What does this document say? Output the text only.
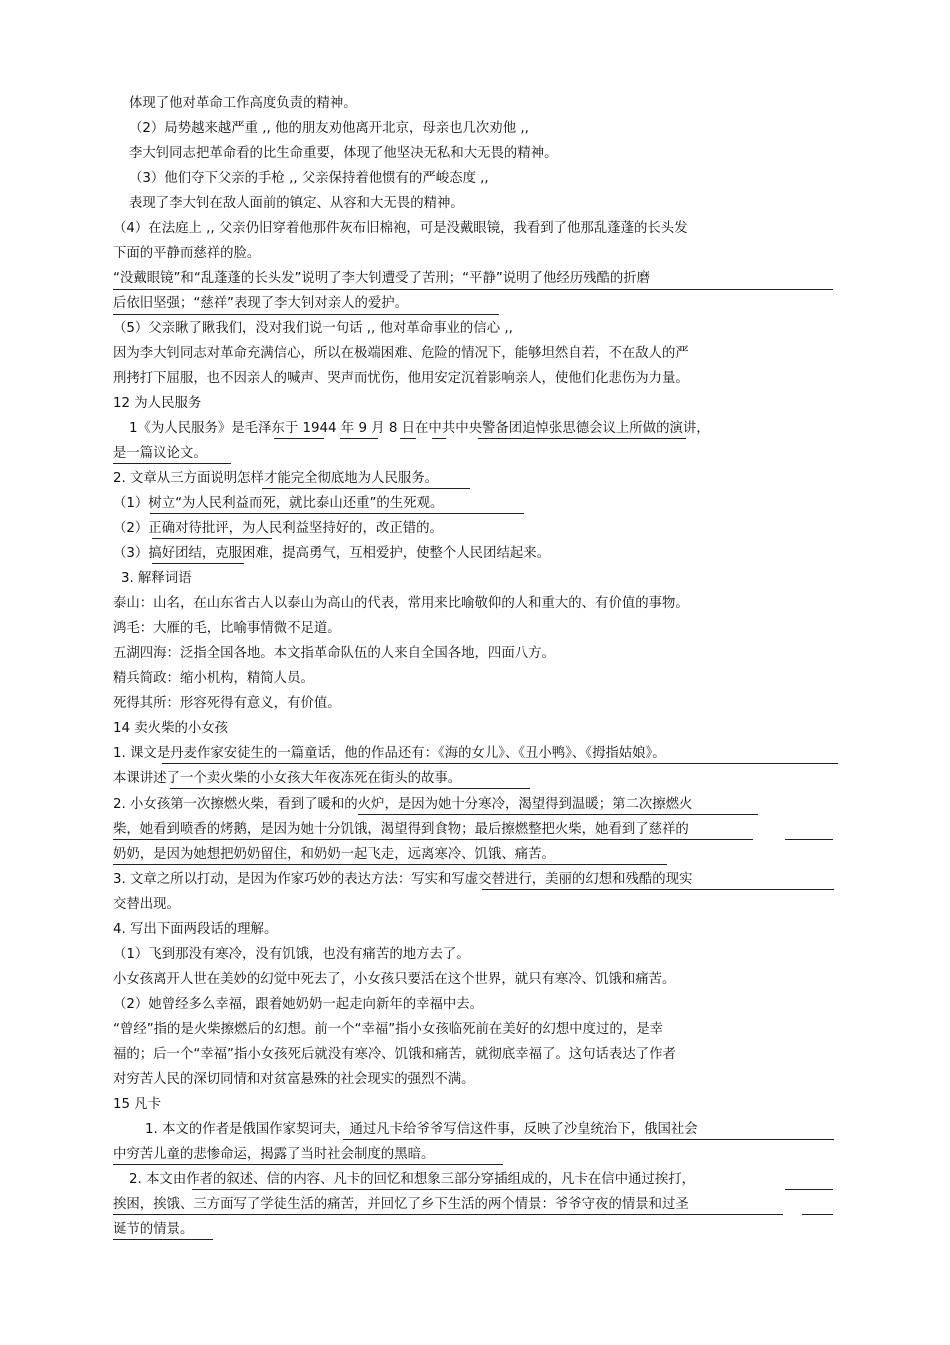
体现了他对革命工作高度负责的精神。
（2）局势越来越严重 ,, 他的朋友劝他离开北京，母亲也几次劝他 ,,
李大钊同志把革命看的比生命重要，体现了他坚决无私和大无畏的精神。
（3）他们夺下父亲的手枪 ,, 父亲保持着他惯有的严峻态度 ,,
表现了李大钊在敌人面前的镇定、从容和大无畏的精神。
（4）在法庭上 ,, 父亲仍旧穿着他那件灰布旧棉袍，可是没戴眼镜，我看到了他那乱蓬蓬的长头发
下面的平静而慈祥的脸。
“没戴眼镜”和“乱蓬蓬的长头发”说明了李大钊遭受了苦刑；“平静”说明了他经历残酷的折磨
后依旧坚强；“慈祥”表现了李大钊对亲人的爱护。
（5）父亲瞅了瞅我们，没对我们说一句话 ,, 他对革命事业的信心 ,,
因为李大钊同志对革命充满信心，所以在极端困难、危险的情况下，能够坦然自若，不在敌人的严
刑拷打下屈服，也不因亲人的喊声、哭声而忧伤，他用安定沉着影响亲人，使他们化悲伤为力量。
12 为人民服务
1《为人民服务》是毛泽东于 1944 年 9 月 8 日在中共中央警备团追悼张思德会议上所做的演讲，
是一篇议论文。
2. 文章从三方面说明怎样才能完全彻底地为人民服务。
（1）树立“为人民利益而死，就比泰山还重”的生死观。
（2）正确对待批评，为人民利益坚持好的，改正错的。
（3）搞好团结，克服困难，提高勇气，互相爱护，使整个人民团结起来。
3. 解释词语
泰山：山名，在山东省古人以泰山为高山的代表，常用来比喻敬仰的人和重大的、有价值的事物。
鸿毛：大雁的毛，比喻事情微不足道。
五湖四海：泛指全国各地。本文指革命队伍的人来自全国各地，四面八方。
精兵简政：缩小机构，精简人员。
死得其所：形容死得有意义，有价值。
14 卖火柴的小女孩
1. 课文是丹麦作家安徒生的一篇童话，他的作品还有：《海的女儿》、《丑小鸭》、《拇指姑娘》。
本课讲述了一个卖火柴的小女孩大年夜冻死在街头的故事。
2. 小女孩第一次擦燃火柴，看到了暖和的火炉，是因为她十分寒冷，渴望得到温暖；第二次擦燃火
柴，她看到喷香的烤鹅，是因为她十分饥饿，渴望得到食物；最后擦燃整把火柴，她看到了慈祥的
奶奶，是因为她想把奶奶留住，和奶奶一起飞走，远离寒冷、饥饿、痛苦。
3. 文章之所以打动，是因为作家巧妙的表达方法：写实和写虚交替进行，美丽的幻想和残酷的现实
交替出现。
4. 写出下面两段话的理解。
（1）飞到那没有寒冷，没有饥饿，也没有痛苦的地方去了。
小女孩离开人世在美妙的幻觉中死去了，小女孩只要活在这个世界，就只有寒冷、饥饿和痛苦。
（2）她曾经多么幸福，跟着她奶奶一起走向新年的幸福中去。
“曾经”指的是火柴擦燃后的幻想。前一个“幸福”指小女孩临死前在美好的幻想中度过的，是幸
福的；后一个“幸福”指小女孩死后就没有寒冷、饥饿和痛苦，就彻底幸福了。这句话表达了作者
对穷苦人民的深切同情和对贫富悬殊的社会现实的强烈不满。
15 凡卡
1. 本文的作者是俄国作家契诃夫，通过凡卡给爷爷写信这件事，反映了沙皇统治下，俄国社会
中穷苦儿童的悲惨命运，揭露了当时社会制度的黑暗。
2. 本文由作者的叙述、信的内容、凡卡的回忆和想象三部分穿插组成的，凡卡在信中通过挨打，
挨困，挨饿、三方面写了学徒生活的痛苦，并回忆了乡下生活的两个情景：爷爷守夜的情景和过圣
诞节的情景。
